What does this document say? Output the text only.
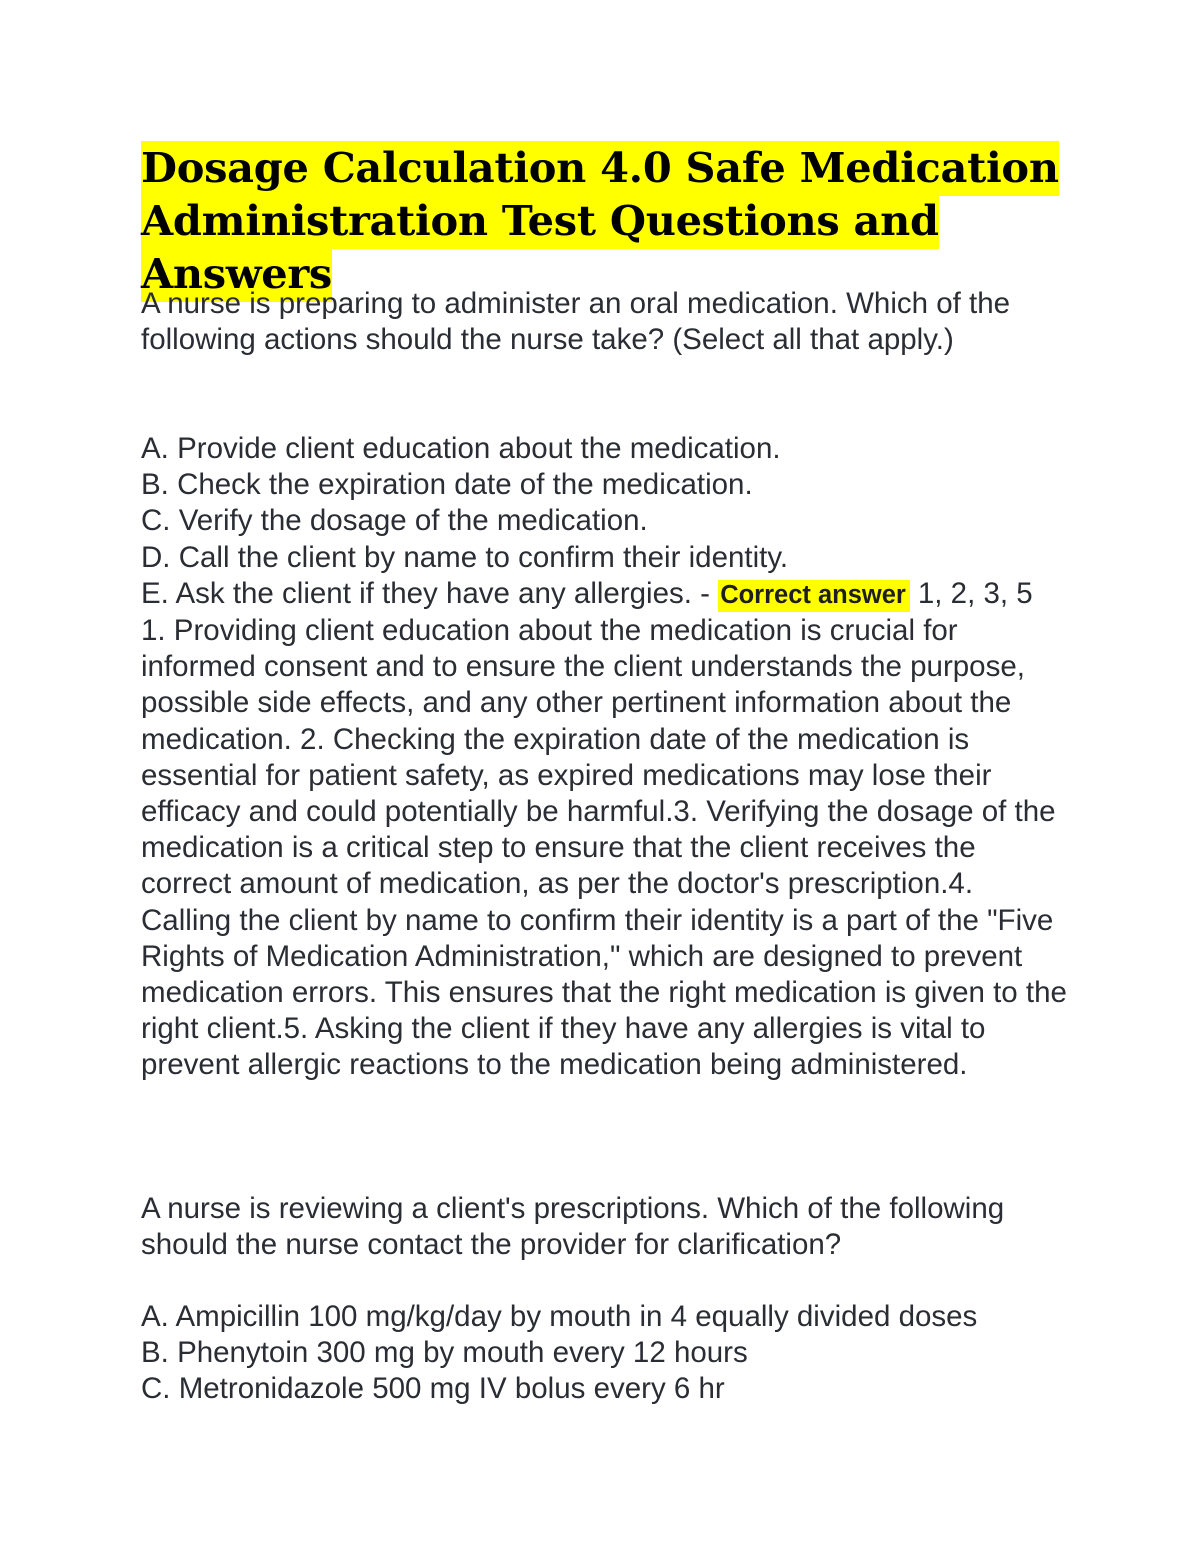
Dosage Calculation 4.0 Safe Medication
Administration Test Questions and Answers

A nurse is preparing to administer an oral medication. Which of the following actions should the nurse take? (Select all that apply.)

A. Provide client education about the medication.

B. Check the expiration date of the medication.

C. Verify the dosage of the medication.

D. Call the client by name to confirm their identity.

E. Ask the client if they have any allergies. - Correct answer 1, 2, 3, 5

1. Providing client education about the medication is crucial for informed consent and to ensure the client understands the purpose, possible side effects, and any other pertinent information about the medication. 2. Checking the expiration date of the medication is essential for patient safety, as expired medications may lose their efficacy and could potentially be harmful.3. Verifying the dosage of the medication is a critical step to ensure that the client receives the correct amount of medication, as per the doctor's prescription.4. Calling the client by name to confirm their identity is a part of the "Five Rights of Medication Administration," which are designed to prevent medication errors. This ensures that the right medication is given to the right client.5. Asking the client if they have any allergies is vital to prevent allergic reactions to the medication being administered.

A nurse is reviewing a client's prescriptions. Which of the following should the nurse contact the provider for clarification?

A. Ampicillin 100 mg/kg/day by mouth in 4 equally divided doses

B. Phenytoin 300 mg by mouth every 12 hours

C. Metronidazole 500 mg IV bolus every 6 hr
